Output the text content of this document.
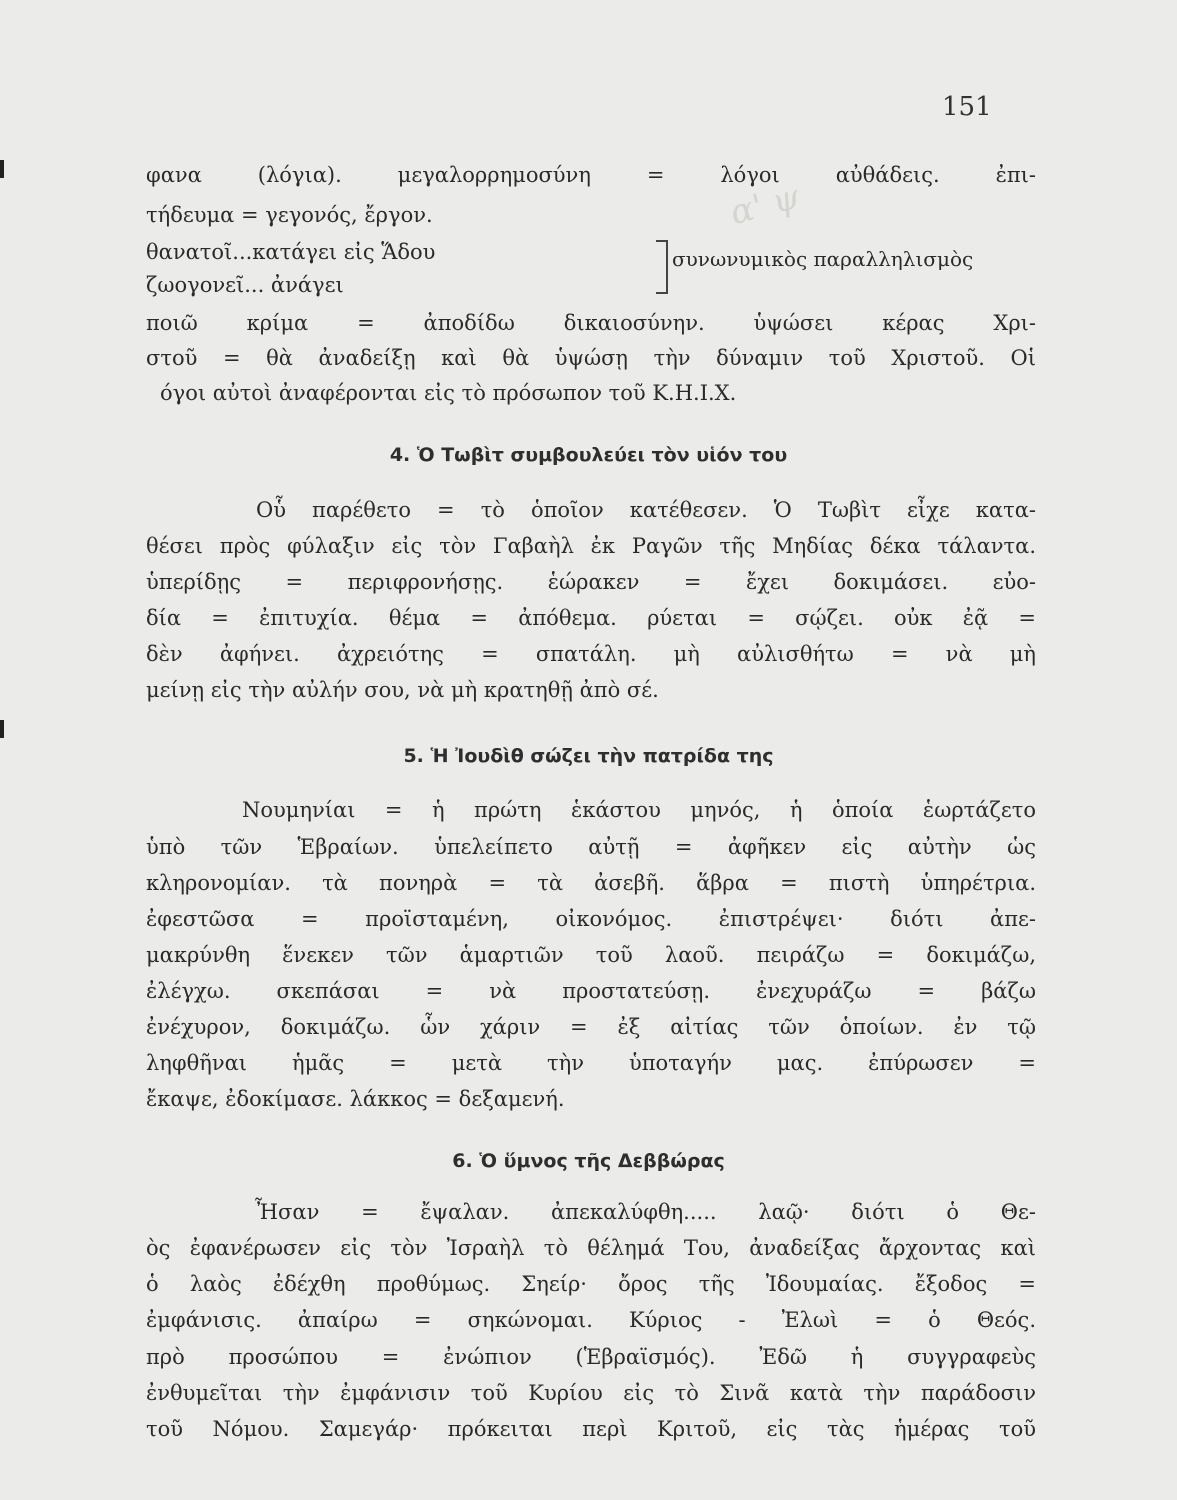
151
α' ψ
φανα (λόγια). μεγαλορρημοσύνη = λόγοι αὐθάδεις. ἐπι-
τήδευμα = γεγονός, ἔργον.
θανατοῖ...κατάγει εἰς Ἅδου
ζωογονεῖ... ἀνάγει
συνωνυμικὸς παραλληλισμὸς
ποιῶ κρίμα = ἀποδίδω δικαιοσύνην. ὑψώσει κέρας Χρι-
στοῦ = θὰ ἀναδείξῃ καὶ θὰ ὑψώσῃ τὴν δύναμιν τοῦ Χριστοῦ. Οἱ
όγοι αὐτοὶ ἀναφέρονται εἰς τὸ πρόσωπον τοῦ Κ.Η.Ι.Χ.
4. Ὁ Τωβὶτ συμβουλεύει τὸν υἱόν του
Οὗ παρέθετο = τὸ ὁποῖον κατέθεσεν. Ὁ Τωβὶτ εἶχε κατα-
θέσει πρὸς φύλαξιν εἰς τὸν Γαβαὴλ ἐκ Ραγῶν τῆς Μηδίας δέκα τάλαντα.
ὑπερίδῃς = περιφρονήσῃς. ἑώρακεν = ἔχει δοκιμάσει. εὐο-
δία = ἐπιτυχία. θέμα = ἀπόθεμα. ρύεται = σῴζει. οὐκ ἐᾷ =
δὲν ἀφήνει. ἀχρειότης = σπατάλη. μὴ αὐλισθήτω = νὰ μὴ
μείνῃ εἰς τὴν αὐλήν σου, νὰ μὴ κρατηθῇ ἀπὸ σέ.
5. Ἡ Ἰουδὶθ σώζει τὴν πατρίδα της
Νουμηνίαι = ἡ πρώτη ἑκάστου μηνός, ἡ ὁποία ἑωρτάζετο
ὑπὸ τῶν Ἑβραίων. ὑπελείπετο αὐτῇ = ἀφῆκεν εἰς αὐτὴν ὡς
κληρονομίαν. τὰ πονηρὰ = τὰ ἀσεβῆ. ἅβρα = πιστὴ ὑπηρέτρια.
ἐφεστῶσα = προϊσταμένη, οἰκονόμος. ἐπιστρέψει· διότι ἀπε-
μακρύνθη ἕνεκεν τῶν ἁμαρτιῶν τοῦ λαοῦ. πειράζω = δοκιμάζω,
ἐλέγχω. σκεπάσαι = νὰ προστατεύσῃ. ἐνεχυράζω = βάζω
ἐνέχυρον, δοκιμάζω. ὧν χάριν = ἐξ αἰτίας τῶν ὁποίων. ἐν τῷ
ληφθῆναι ἡμᾶς = μετὰ τὴν ὑποταγήν μας. ἐπύρωσεν =
ἔκαψε, ἐδοκίμασε. λάκκος = δεξαμενή.
6. Ὁ ὕμνος τῆς Δεββώρας
Ἦσαν = ἔψαλαν. ἀπεκαλύφθη..... λαῷ· διότι ὁ Θε-
ὸς ἐφανέρωσεν εἰς τὸν Ἰσραὴλ τὸ θέλημά Του, ἀναδείξας ἄρχοντας καὶ
ὁ λαὸς ἐδέχθη προθύμως. Σηείρ· ὄρος τῆς Ἰδουμαίας. ἔξοδος =
ἐμφάνισις. ἀπαίρω = σηκώνομαι. Κύριος - Ἐλωὶ = ὁ Θεός.
πρὸ προσώπου = ἐνώπιον (Ἑβραϊσμός). Ἐδῶ ἡ συγγραφεὺς
ἐνθυμεῖται τὴν ἐμφάνισιν τοῦ Κυρίου εἰς τὸ Σινᾶ κατὰ τὴν παράδοσιν
τοῦ Νόμου. Σαμεγάρ· πρόκειται περὶ Κριτοῦ, εἰς τὰς ἡμέρας τοῦ
